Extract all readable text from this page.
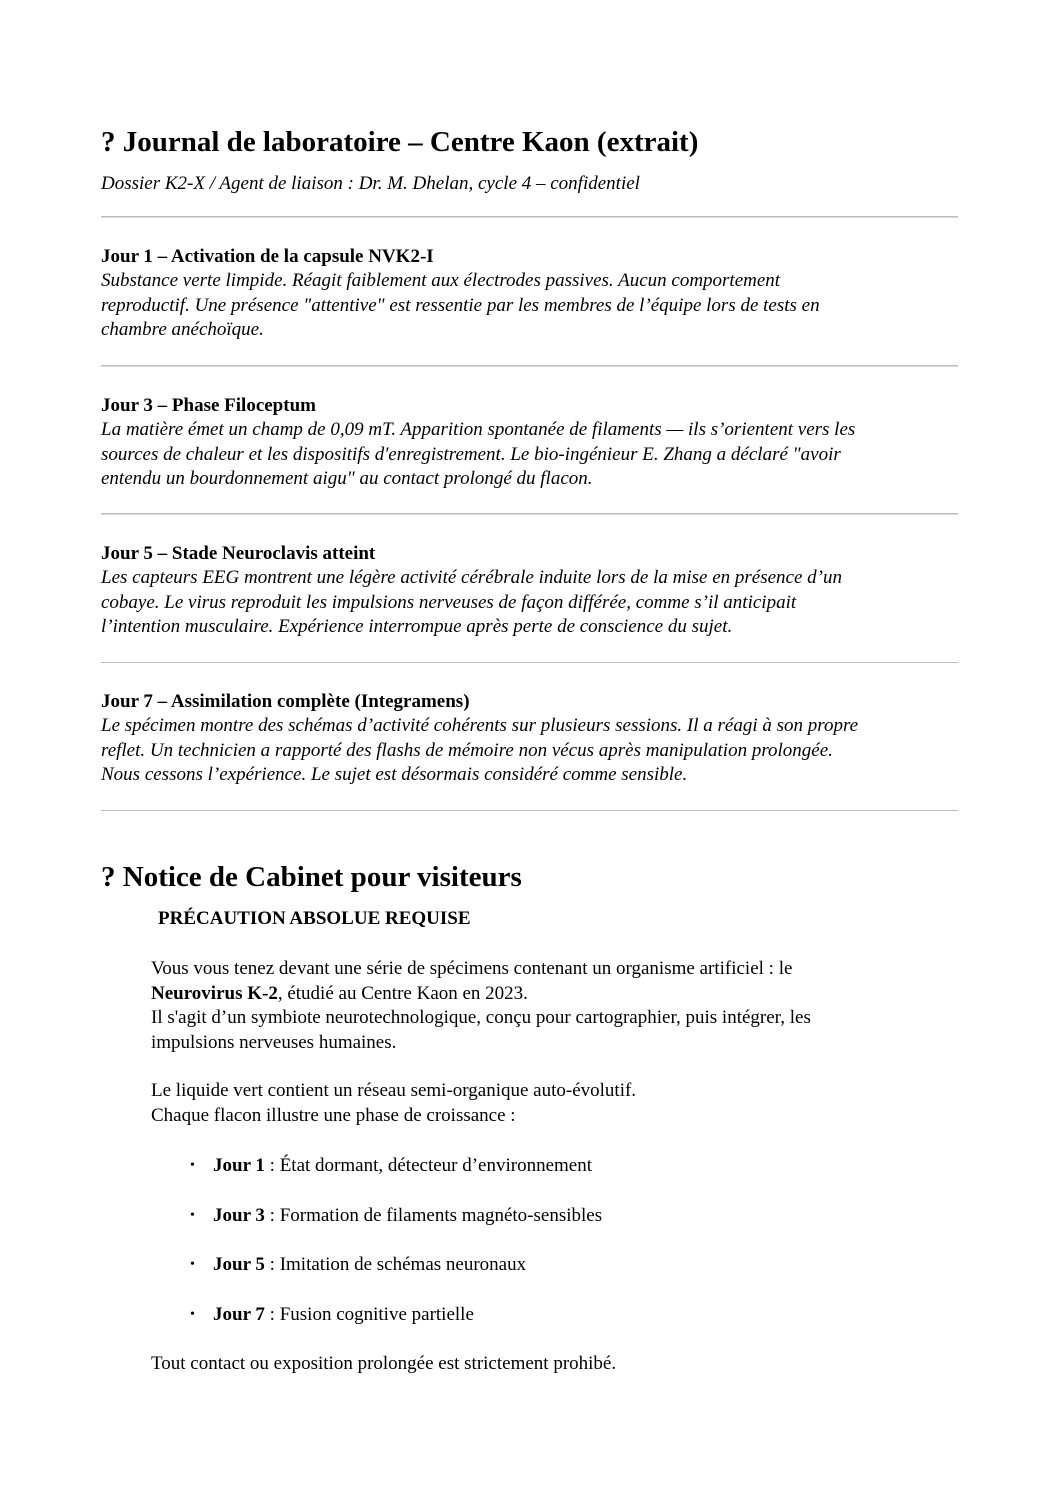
? Journal de laboratoire – Centre Kaon (extrait)
Dossier K2-X / Agent de liaison : Dr. M. Dhelan, cycle 4 – confidentiel
Jour 1 – Activation de la capsule NVK2-I
Substance verte limpide. Réagit faiblement aux électrodes passives. Aucun comportement
reproductif. Une présence "attentive" est ressentie par les membres de l’équipe lors de tests en
chambre anéchoïque.
Jour 3 – Phase Filoceptum
La matière émet un champ de 0,09 mT. Apparition spontanée de filaments — ils s’orientent vers les
sources de chaleur et les dispositifs d'enregistrement. Le bio-ingénieur E. Zhang a déclaré "avoir
entendu un bourdonnement aigu" au contact prolongé du flacon.
Jour 5 – Stade Neuroclavis atteint
Les capteurs EEG montrent une légère activité cérébrale induite lors de la mise en présence d’un
cobaye. Le virus reproduit les impulsions nerveuses de façon différée, comme s’il anticipait
l’intention musculaire. Expérience interrompue après perte de conscience du sujet.
Jour 7 – Assimilation complète (Integramens)
Le spécimen montre des schémas d’activité cohérents sur plusieurs sessions. Il a réagi à son propre
reflet. Un technicien a rapporté des flashs de mémoire non vécus après manipulation prolongée.
Nous cessons l’expérience. Le sujet est désormais considéré comme sensible.
? Notice de Cabinet pour visiteurs
PRÉCAUTION ABSOLUE REQUISE
Vous vous tenez devant une série de spécimens contenant un organisme artificiel : le
Neurovirus K-2, étudié au Centre Kaon en 2023.
Il s'agit d’un symbiote neurotechnologique, conçu pour cartographier, puis intégrer, les
impulsions nerveuses humaines.
Le liquide vert contient un réseau semi-organique auto-évolutif.
Chaque flacon illustre une phase de croissance :
• Jour 1 : État dormant, détecteur d’environnement
• Jour 3 : Formation de filaments magnéto-sensibles
• Jour 5 : Imitation de schémas neuronaux
• Jour 7 : Fusion cognitive partielle
Tout contact ou exposition prolongée est strictement prohibé.
